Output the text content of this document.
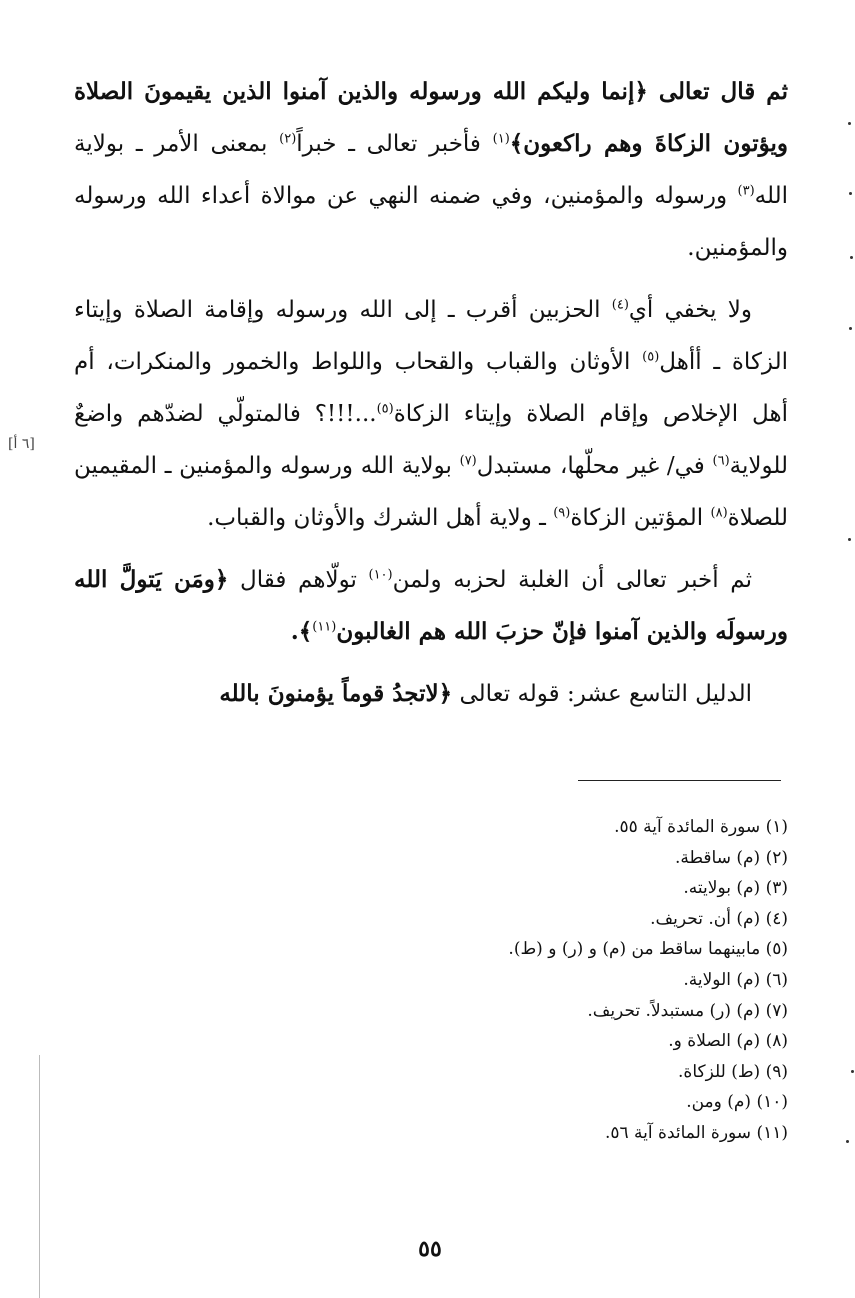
ثم قال تعالى ﴿إنما وليكم الله ورسوله والذين آمنوا الذين يقيمونَ الصلاة ويؤتون الزكاةَ وهم راكعون﴾$^{(١)}$ فأخبر تعالى ـ خبراً$^{(٢)}$ بمعنى الأمر ـ بولاية الله$^{(٣)}$ ورسوله والمؤمنين، وفي ضمنه النهي عن موالاة أعداء الله ورسوله والمؤمنين.

ولا يخفي أي$^{(٤)}$ الحزبين أقرب ـ إلى الله ورسوله وإقامة الصلاة وإيتاء الزكاة ـ أأهل$^{(٥)}$ الأوثان والقباب والقحاب واللواط والخمور والمنكرات، أم أهل الإخلاص وإقام الصلاة وإيتاء الزكاة$^{(٥)}$...!!!؟ فالمتولّي لضدّهم واضعٌ للولاية$^{(٦)}$ في/ غير محلّها، مستبدل$^{(٧)}$ بولاية الله ورسوله والمؤمنين ـ المقيمين للصلاة$^{(٨)}$ المؤتين الزكاة$^{(٩)}$ ـ ولاية أهل الشرك والأوثان والقباب.

ثم أخبر تعالى أن الغلبة لحزبه ولمن$^{(١٠)}$ تولّاهم فقال ﴿ومَن يَتولَّ الله ورسولَه والذين آمنوا فإنّ حزبَ الله هم الغالبون$^{(١١)}$﴾.

الدليل التاسع عشر: قوله تعالى ﴿لاتجدُ قوماً يؤمنونَ بالله

[٦ أ]
(١) سورة المائدة آية ٥٥.
(٢) (م) ساقطة.
(٣) (م) بولايته.
(٤) (م) أن. تحريف.
(٥) مابينهما ساقط من (م) و (ر) و (ط).
(٦) (م) الولاية.
(٧) (م) (ر) مستبدلاً. تحريف.
(٨) (م) الصلاة و.
(٩) (ط) للزكاة.
(١٠) (م) ومن.
(١١) سورة المائدة آية ٥٦.
٥٥
